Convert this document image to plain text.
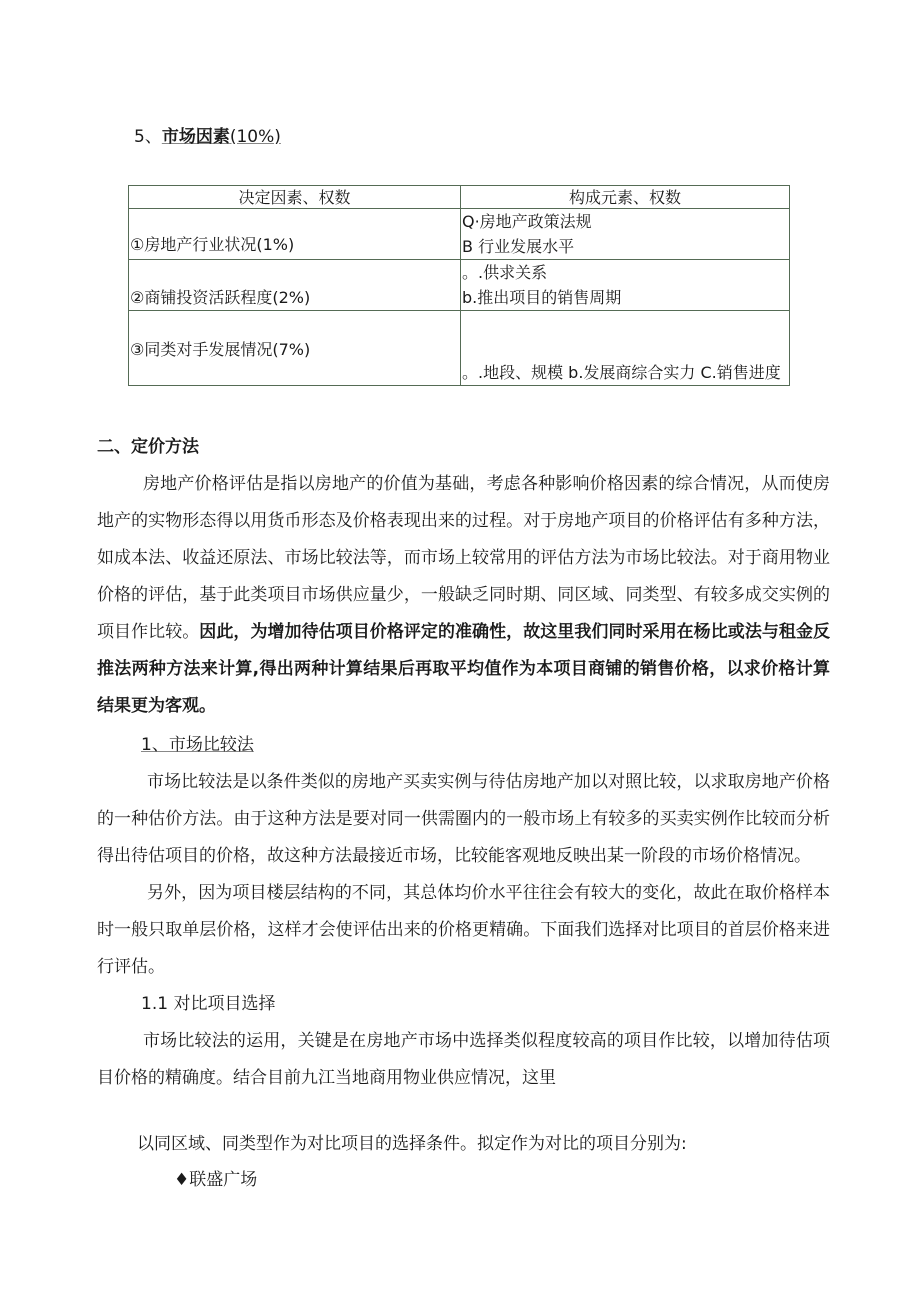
5、市场因素(10%)
决定因素、权数	构成元素、权数
①房地产行业状况(1%)	Q·房地产政策法规
B 行业发展水平

②商铺投资活跃程度(2%)	。.供求关系
b.推出项目的销售周期

③同类对手发展情况(7%)	。.地段、规模 b.发展商综合实力 C.销售进度
二、定价方法
房地产价格评估是指以房地产的价值为基础，考虑各种影响价格因素的综合情况，从而使房
地产的实物形态得以用货币形态及价格表现出来的过程。对于房地产项目的价格评估有多种方法，
如成本法、收益还原法、市场比较法等，而市场上较常用的评估方法为市场比较法。对于商用物业
价格的评估，基于此类项目市场供应量少，一般缺乏同时期、同区域、同类型、有较多成交实例的
项目作比较。因此，为增加待估项目价格评定的准确性，故这里我们同时采用在杨比或法与租金反
推法两种方法来计算,得出两种计算结果后再取平均值作为本项目商铺的销售价格，以求价格计算
结果更为客观。
1、市场比较法
市场比较法是以条件类似的房地产买卖实例与待估房地产加以对照比较，以求取房地产价格
的一种估价方法。由于这种方法是要对同一供需圈内的一般市场上有较多的买卖实例作比较而分析
得出待估项目的价格，故这种方法最接近市场，比较能客观地反映出某一阶段的市场价格情况。
另外，因为项目楼层结构的不同，其总体均价水平往往会有较大的变化，故此在取价格样本
时一般只取单层价格，这样才会使评估出来的价格更精确。下面我们选择对比项目的首层价格来进
行评估。
1.1 对比项目选择
市场比较法的运用，关键是在房地产市场中选择类似程度较高的项目作比较，以增加待估项
目价格的精确度。结合目前九江当地商用物业供应情况，这里
以同区域、同类型作为对比项目的选择条件。拟定作为对比的项目分别为:
♦联盛广场
